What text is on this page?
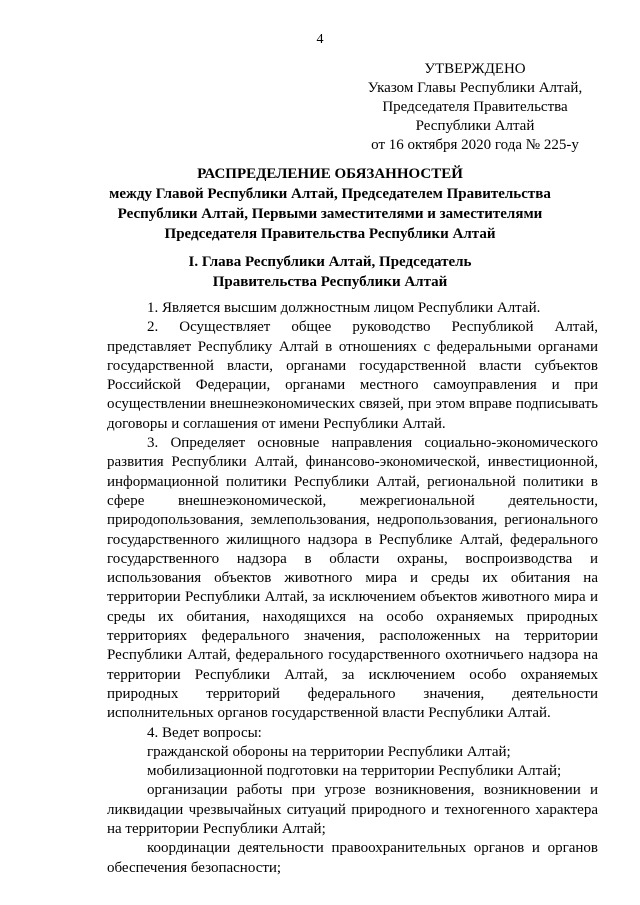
4
УТВЕРЖДЕНО
Указом Главы Республики Алтай,
Председателя Правительства
Республики Алтай
от 16 октября 2020 года № 225-у
РАСПРЕДЕЛЕНИЕ ОБЯЗАННОСТЕЙ
между Главой Республики Алтай, Председателем Правительства
Республики Алтай, Первыми заместителями и заместителями
Председателя Правительства Республики Алтай
I. Глава Республики Алтай, Председатель
Правительства Республики Алтай

1. Является высшим должностным лицом Республики Алтай.

2. Осуществляет общее руководство Республикой Алтай, представляет Республику Алтай в отношениях с федеральными органами государственной власти, органами государственной власти субъектов Российской Федерации, органами местного самоуправления и при осуществлении внешнеэкономических связей, при этом вправе подписывать договоры и соглашения от имени Республики Алтай.

3. Определяет основные направления социально-экономического развития Республики Алтай, финансово-экономической, инвестиционной, информационной политики Республики Алтай, региональной политики в сфере внешнеэкономической, межрегиональной деятельности, природопользования, землепользования, недропользования, регионального государственного жилищного надзора в Республике Алтай, федерального государственного надзора в области охраны, воспроизводства и использования объектов животного мира и среды их обитания на территории Республики Алтай, за исключением объектов животного мира и среды их обитания, находящихся на особо охраняемых природных территориях федерального значения, расположенных на территории Республики Алтай, федерального государственного охотничьего надзора на территории Республики Алтай, за исключением особо охраняемых природных территорий федерального значения, деятельности исполнительных органов государственной власти Республики Алтай.

4. Ведет вопросы:

гражданской обороны на территории Республики Алтай;

мобилизационной подготовки на территории Республики Алтай;

организации работы при угрозе возникновения, возникновении и ликвидации чрезвычайных ситуаций природного и техногенного характера на территории Республики Алтай;

координации деятельности правоохранительных органов и органов обеспечения безопасности;
